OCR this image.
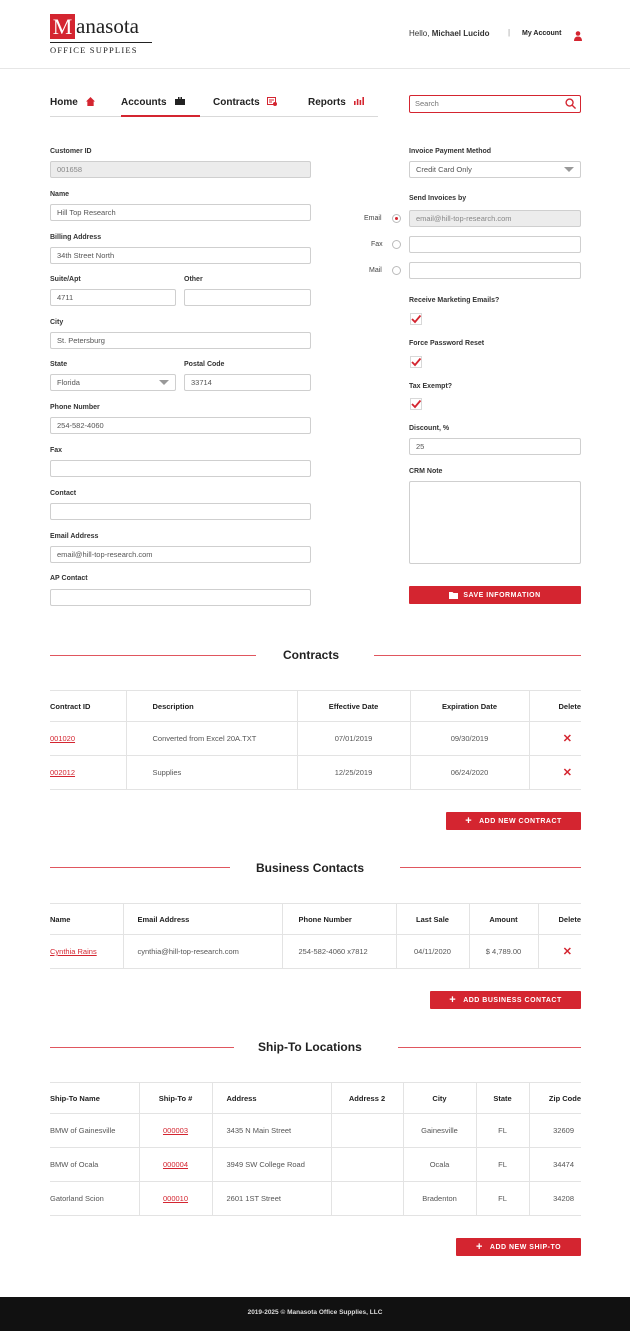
M anasota
OFFICE SUPPLIES
Hello, Michael Lucido | My Account
Home	Accounts	Contracts	Reports
Search
Customer ID
001658
Name
Hill Top Research
Billing Address
34th Street North
Suite/Apt
4711
Other
City
St. Petersburg
State
Florida
Postal Code
33714
Phone Number
254-582-4060
Fax
Contact
Email Address
email@hill-top-research.com
AP Contact
Invoice Payment Method
Credit Card Only
Send Invoices by
Email	email@hill-top-research.com
Fax
Mail
Receive Marketing Emails?
Force Password Reset
Tax Exempt?
Discount, %
25
CRM Note
SAVE INFORMATION
Contracts
Contract ID	Description	Effective Date	Expiration Date	Delete
001020	Converted from Excel 20A.TXT	07/01/2019	09/30/2019	✕
002012	Supplies	12/25/2019	06/24/2020	✕
+ ADD NEW CONTRACT
Business Contacts
Name	Email Address	Phone Number	Last Sale	Amount	Delete
Cynthia Rains	cynthia@hill-top-research.com	254-582-4060 x7812	04/11/2020	$ 4,789.00	✕
+ ADD BUSINESS CONTACT
Ship-To Locations
Ship-To Name	Ship-To #	Address	Address 2	City	State	Zip Code
BMW of Gainesville	000003	3435 N Main Street		Gainesville	FL	32609
BMW of Ocala	000004	3949 SW College Road		Ocala	FL	34474
Gatorland Scion	000010	2601 1ST Street		Bradenton	FL	34208
+ ADD NEW SHIP-TO
2019-2025 © Manasota Office Supplies, LLC
